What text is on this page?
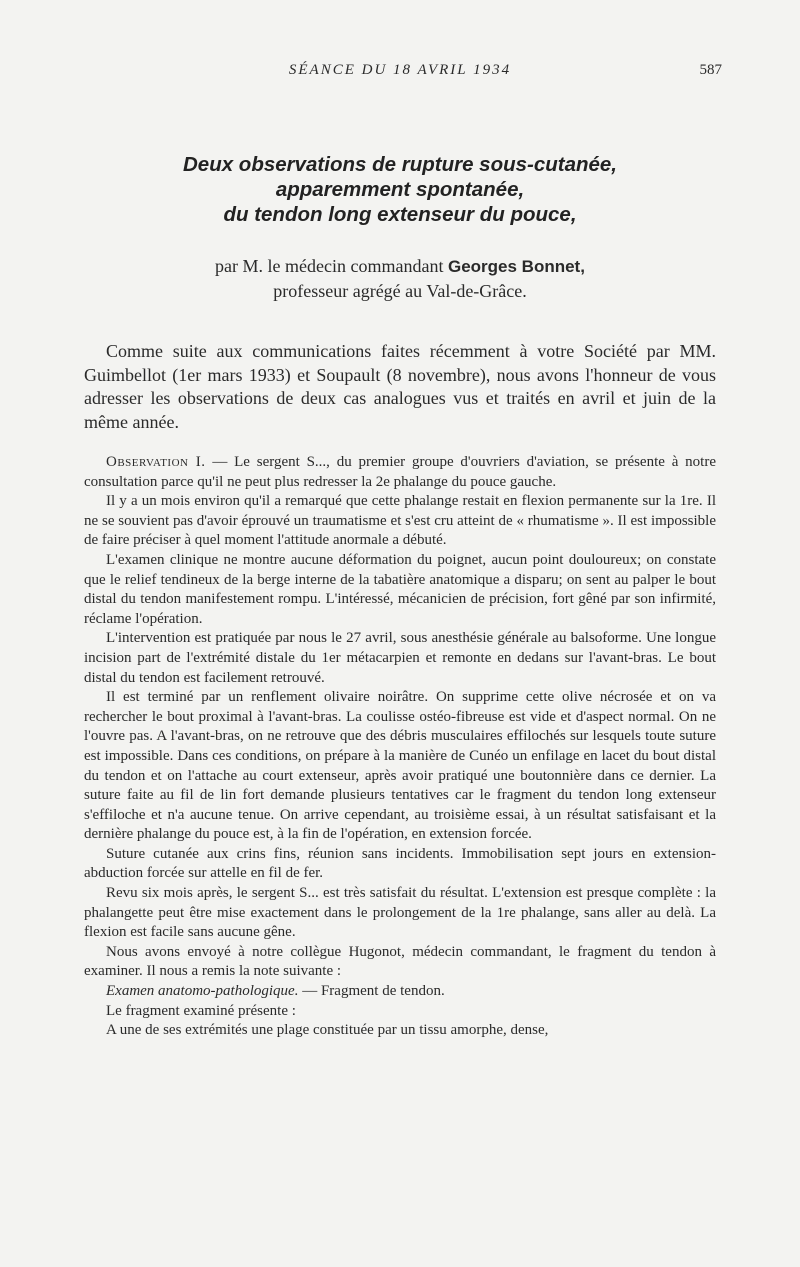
SÉANCE DU 18 AVRIL 1934	587
Deux observations de rupture sous-cutanée,
apparemment spontanée,
du tendon long extenseur du pouce,
par M. le médecin commandant Georges Bonnet,
professeur agrégé au Val-de-Grâce.

Comme suite aux communications faites récemment à votre Société par MM. Guimbellot (1er mars 1933) et Soupault (8 novembre), nous avons l'honneur de vous adresser les observations de deux cas analogues vus et traités en avril et juin de la même année.

Observation I. — Le sergent S..., du premier groupe d'ouvriers d'aviation, se présente à notre consultation parce qu'il ne peut plus redresser la 2e phalange du pouce gauche.

Il y a un mois environ qu'il a remarqué que cette phalange restait en flexion permanente sur la 1re. Il ne se souvient pas d'avoir éprouvé un traumatisme et s'est cru atteint de « rhumatisme ». Il est impossible de faire préciser à quel moment l'attitude anormale a débuté.

L'examen clinique ne montre aucune déformation du poignet, aucun point douloureux; on constate que le relief tendineux de la berge interne de la tabatière anatomique a disparu; on sent au palper le bout distal du tendon manifestement rompu. L'intéressé, mécanicien de précision, fort gêné par son infirmité, réclame l'opération.

L'intervention est pratiquée par nous le 27 avril, sous anesthésie générale au balsoforme. Une longue incision part de l'extrémité distale du 1er métacarpien et remonte en dedans sur l'avant-bras. Le bout distal du tendon est facilement retrouvé.

Il est terminé par un renflement olivaire noirâtre. On supprime cette olive nécrosée et on va rechercher le bout proximal à l'avant-bras. La coulisse ostéo-fibreuse est vide et d'aspect normal. On ne l'ouvre pas. A l'avant-bras, on ne retrouve que des débris musculaires effilochés sur lesquels toute suture est impossible. Dans ces conditions, on prépare à la manière de Cunéo un enfilage en lacet du bout distal du tendon et on l'attache au court extenseur, après avoir pratiqué une boutonnière dans ce dernier. La suture faite au fil de lin fort demande plusieurs tentatives car le fragment du tendon long extenseur s'effiloche et n'a aucune tenue. On arrive cependant, au troisième essai, à un résultat satisfaisant et la dernière phalange du pouce est, à la fin de l'opération, en extension forcée.

Suture cutanée aux crins fins, réunion sans incidents. Immobilisation sept jours en extension-abduction forcée sur attelle en fil de fer.

Revu six mois après, le sergent S... est très satisfait du résultat. L'extension est presque complète : la phalangette peut être mise exactement dans le prolongement de la 1re phalange, sans aller au delà. La flexion est facile sans aucune gêne.

Nous avons envoyé à notre collègue Hugonot, médecin commandant, le fragment du tendon à examiner. Il nous a remis la note suivante :

Examen anatomo-pathologique. — Fragment de tendon.

Le fragment examiné présente :

A une de ses extrémités une plage constituée par un tissu amorphe, dense,
